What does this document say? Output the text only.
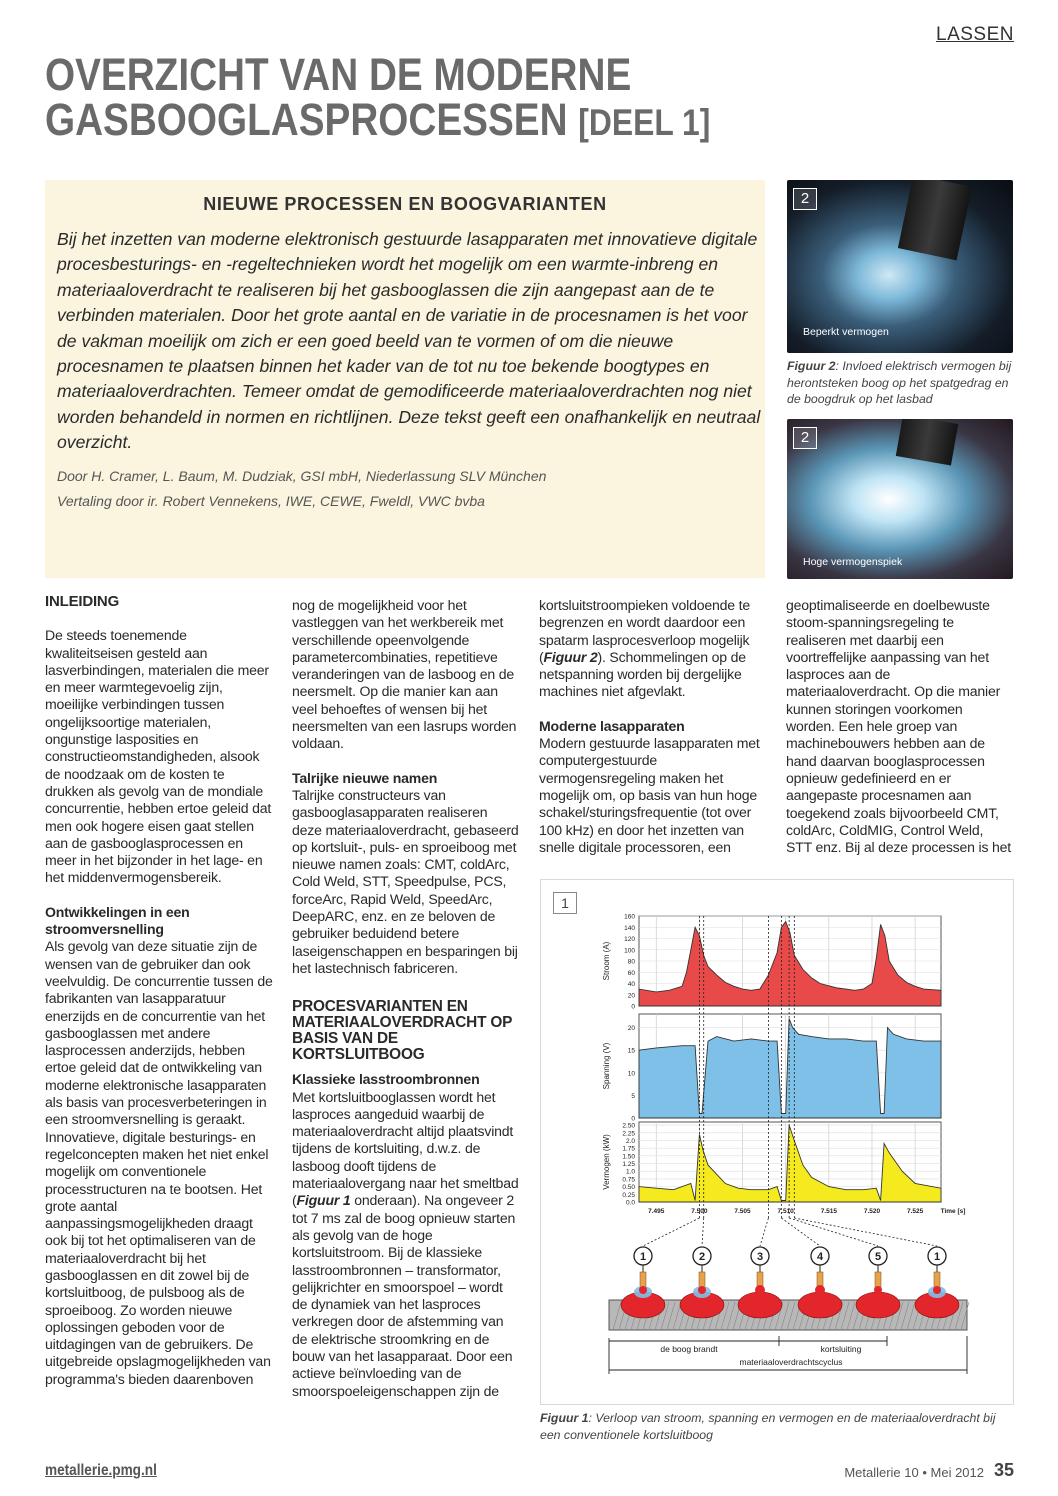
LASSEN
OVERZICHT VAN DE MODERNE
GASBOOGLASPROCESSEN [DEEL 1]
NIEUWE PROCESSEN EN BOOGVARIANTEN
Bij het inzetten van moderne elektronisch gestuurde lasapparaten met innovatieve digitale procesbesturings- en -regeltechnieken wordt het mogelijk om een warmte-inbreng en materiaaloverdracht te realiseren bij het gasbooglassen die zijn aangepast aan de te verbinden materialen. Door het grote aantal en de variatie in de procesnamen is het voor de vakman moeilijk om zich er een goed beeld van te vormen of om die nieuwe procesnamen te plaatsen binnen het kader van de tot nu toe bekende boogtypes en materiaaloverdrachten. Temeer omdat de gemodificeerde materiaaloverdrachten nog niet worden behandeld in normen en richtlijnen. Deze tekst geeft een onafhankelijk en neutraal overzicht.
Door H. Cramer, L. Baum, M. Dudziak, GSI mbH, Niederlassung SLV München
Vertaling door ir. Robert Vennekens, IWE, CEWE, Fweldl, VWC bvba
2
Beperkt vermogen
Figuur 2: Invloed elektrisch vermogen bij herontsteken boog op het spatgedrag en de boogdruk op het lasbad
2
Hoge vermogenspiek

INLEIDING

De steeds toenemende kwaliteitseisen gesteld aan lasverbindingen, materialen die meer en meer warmtegevoelig zijn, moeilijke verbindingen tussen ongelijksoortige materialen, ongunstige lasposities en constructieomstandigheden, alsook de noodzaak om de kosten te drukken als gevolg van de mondiale concurrentie, hebben ertoe geleid dat men ook hogere eisen gaat stellen aan de gasbooglasprocessen en meer in het bijzonder in het lage- en het middenvermogensbereik.

Ontwikkelingen in een stroomversnelling

Als gevolg van deze situatie zijn de wensen van de gebruiker dan ook veelvuldig. De concurrentie tussen de fabrikanten van lasapparatuur enerzijds en de concurrentie van het gasbooglassen met andere lasprocessen anderzijds, hebben ertoe geleid dat de ontwikkeling van moderne elektronische lasapparaten als basis van procesverbeteringen in een stroomversnelling is geraakt. Innovatieve, digitale besturings- en regelconcepten maken het niet enkel mogelijk om conventionele processtructuren na te bootsen. Het grote aantal aanpassingsmogelijkheden draagt ook bij tot het optimaliseren van de materiaaloverdracht bij het gasbooglassen en dit zowel bij de kortsluitboog, de pulsboog als de sproeiboog. Zo worden nieuwe oplossingen geboden voor de uitdagingen van de gebruikers. De uitgebreide opslagmogelijkheden van programma's bieden daarenboven

nog de mogelijkheid voor het vastleggen van het werkbereik met verschillende opeenvolgende parametercombinaties, repetitieve veranderingen van de lasboog en de neersmelt. Op die manier kan aan veel behoeftes of wensen bij het neersmelten van een lasrups worden voldaan.

Talrijke nieuwe namen

Talrijke constructeurs van gasbooglasapparaten realiseren deze materiaaloverdracht, gebaseerd op kortsluit-, puls- en sproeiboog met nieuwe namen zoals: CMT, coldArc, Cold Weld, STT, Speedpulse, PCS, forceArc, Rapid Weld, SpeedArc, DeepARC, enz. en ze beloven de gebruiker beduidend betere laseigenschappen en besparingen bij het lastechnisch fabriceren.

PROCESVARIANTEN EN MATERIAALOVERDRACHT OP BASIS VAN DE KORTSLUITBOOG

Klassieke lasstroombronnen

Met kortsluitbooglassen wordt het lasproces aangeduid waarbij de materiaaloverdracht altijd plaatsvindt tijdens de kortsluiting, d.w.z. de lasboog dooft tijdens de materiaalovergang naar het smeltbad (Figuur 1 onderaan). Na ongeveer 2 tot 7 ms zal de boog opnieuw starten als gevolg van de hoge kortsluitstroom. Bij de klassieke lasstroombronnen – transformator, gelijkrichter en smoorspoel – wordt de dynamiek van het lasproces verkregen door de afstemming van de elektrische stroomkring en de bouw van het lasapparaat. Door een actieve beïnvloeding van de smoorspoeleigenschappen zijn de

kortsluitstroompieken voldoende te begrenzen en wordt daardoor een spatarm lasprocesverloop mogelijk (Figuur 2). Schommelingen op de netspanning worden bij dergelijke machines niet afgevlakt.

Moderne lasapparaten

Modern gestuurde lasapparaten met computergestuurde vermogensregeling maken het mogelijk om, op basis van hun hoge schakel/sturingsfrequentie (tot over 100 kHz) en door het inzetten van snelle digitale processoren, een

geoptimaliseerde en doelbewuste stoom-spanningsregeling te realiseren met daarbij een voortreffelijke aanpassing van het lasproces aan de materiaaloverdracht. Op die manier kunnen storingen voorkomen worden. Een hele groep van machinebouwers hebben aan de hand daarvan booglasprocessen opnieuw gedefinieerd en er aangepaste procesnamen aan toegekend zoals bijvoorbeeld CMT, coldArc, ColdMIG, Control Weld, STT enz. Bij al deze processen is het

1
0
20
40
60
80
100
120
140
160
Stroom (A)
0
5
10
15
20
Spanning (V)
0.0
0.25
0.50
0.75
1.0
1.25
1.50
1.75
2.0
2.25
2.50
Vermogen (kW)
7.495	7.500	7.505	7.510	7.515	7.520	7.525	Time [s]
1	2	3	4	5	1
de boog brandt	kortsluiting
materiaaloverdrachtscyclus
Figuur 1: Verloop van stroom, spanning en vermogen en de materiaaloverdracht bij een conventionele kortsluitboog
metallerie.pmg.nl	Metallerie 10 • Mei 2012 35
